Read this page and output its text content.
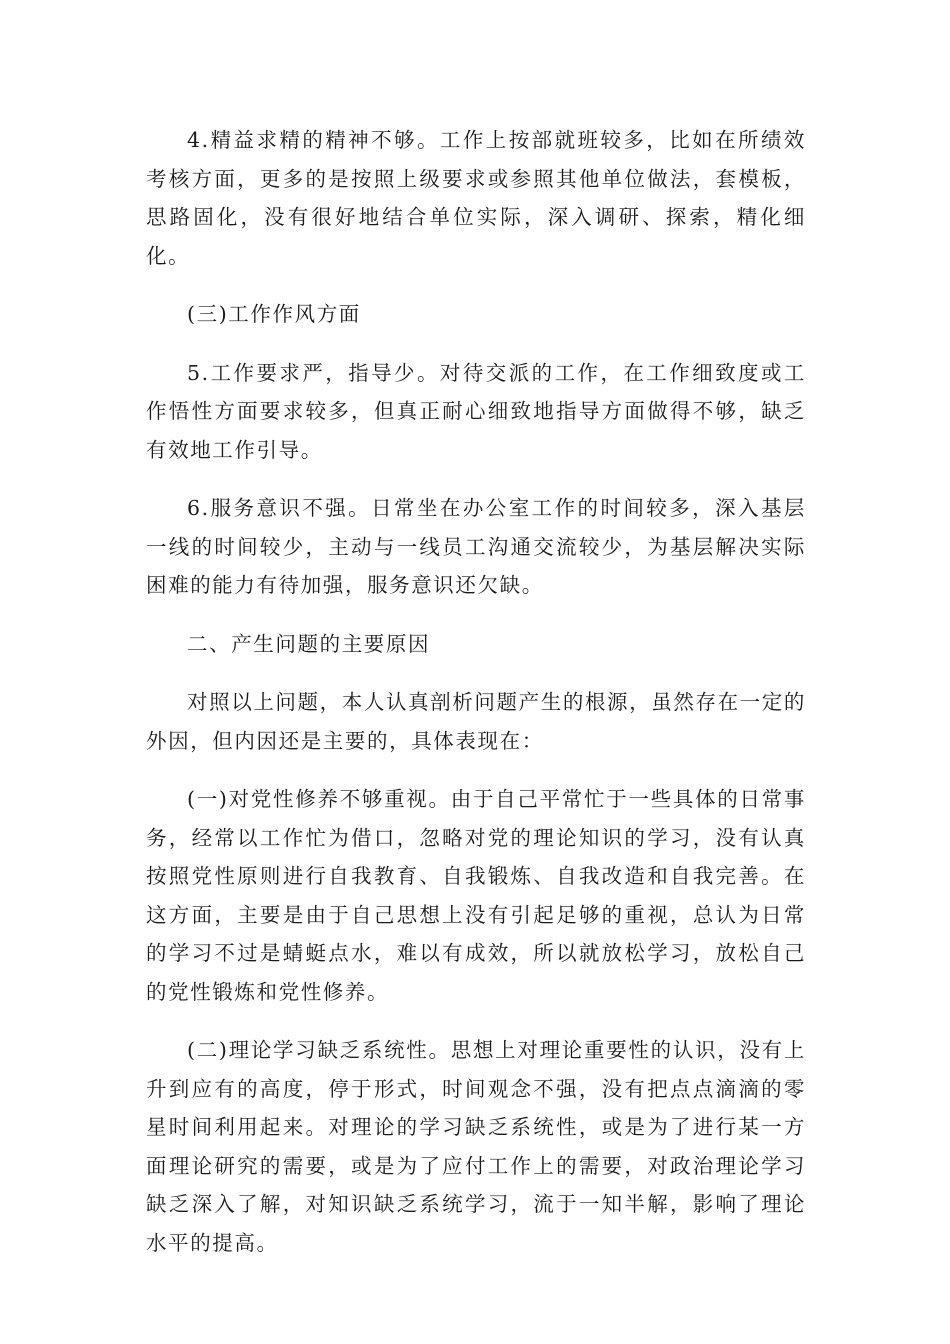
4.精益求精的精神不够。工作上按部就班较多，比如在所绩效考核方面，更多的是按照上级要求或参照其他单位做法，套模板，思路固化，没有很好地结合单位实际，深入调研、探索，精化细化。

(三)工作作风方面

5.工作要求严，指导少。对待交派的工作，在工作细致度或工作悟性方面要求较多，但真正耐心细致地指导方面做得不够，缺乏有效地工作引导。

6.服务意识不强。日常坐在办公室工作的时间较多，深入基层一线的时间较少，主动与一线员工沟通交流较少，为基层解决实际困难的能力有待加强，服务意识还欠缺。

二、产生问题的主要原因

对照以上问题，本人认真剖析问题产生的根源，虽然存在一定的外因，但内因还是主要的，具体表现在：

(一)对党性修养不够重视。由于自己平常忙于一些具体的日常事务，经常以工作忙为借口，忽略对党的理论知识的学习，没有认真按照党性原则进行自我教育、自我锻炼、自我改造和自我完善。在这方面，主要是由于自己思想上没有引起足够的重视，总认为日常的学习不过是蜻蜓点水，难以有成效，所以就放松学习，放松自己的党性锻炼和党性修养。

(二)理论学习缺乏系统性。思想上对理论重要性的认识，没有上升到应有的高度，停于形式，时间观念不强，没有把点点滴滴的零星时间利用起来。对理论的学习缺乏系统性，或是为了进行某一方面理论研究的需要，或是为了应付工作上的需要，对政治理论学习缺乏深入了解，对知识缺乏系统学习，流于一知半解，影响了理论水平的提高。
